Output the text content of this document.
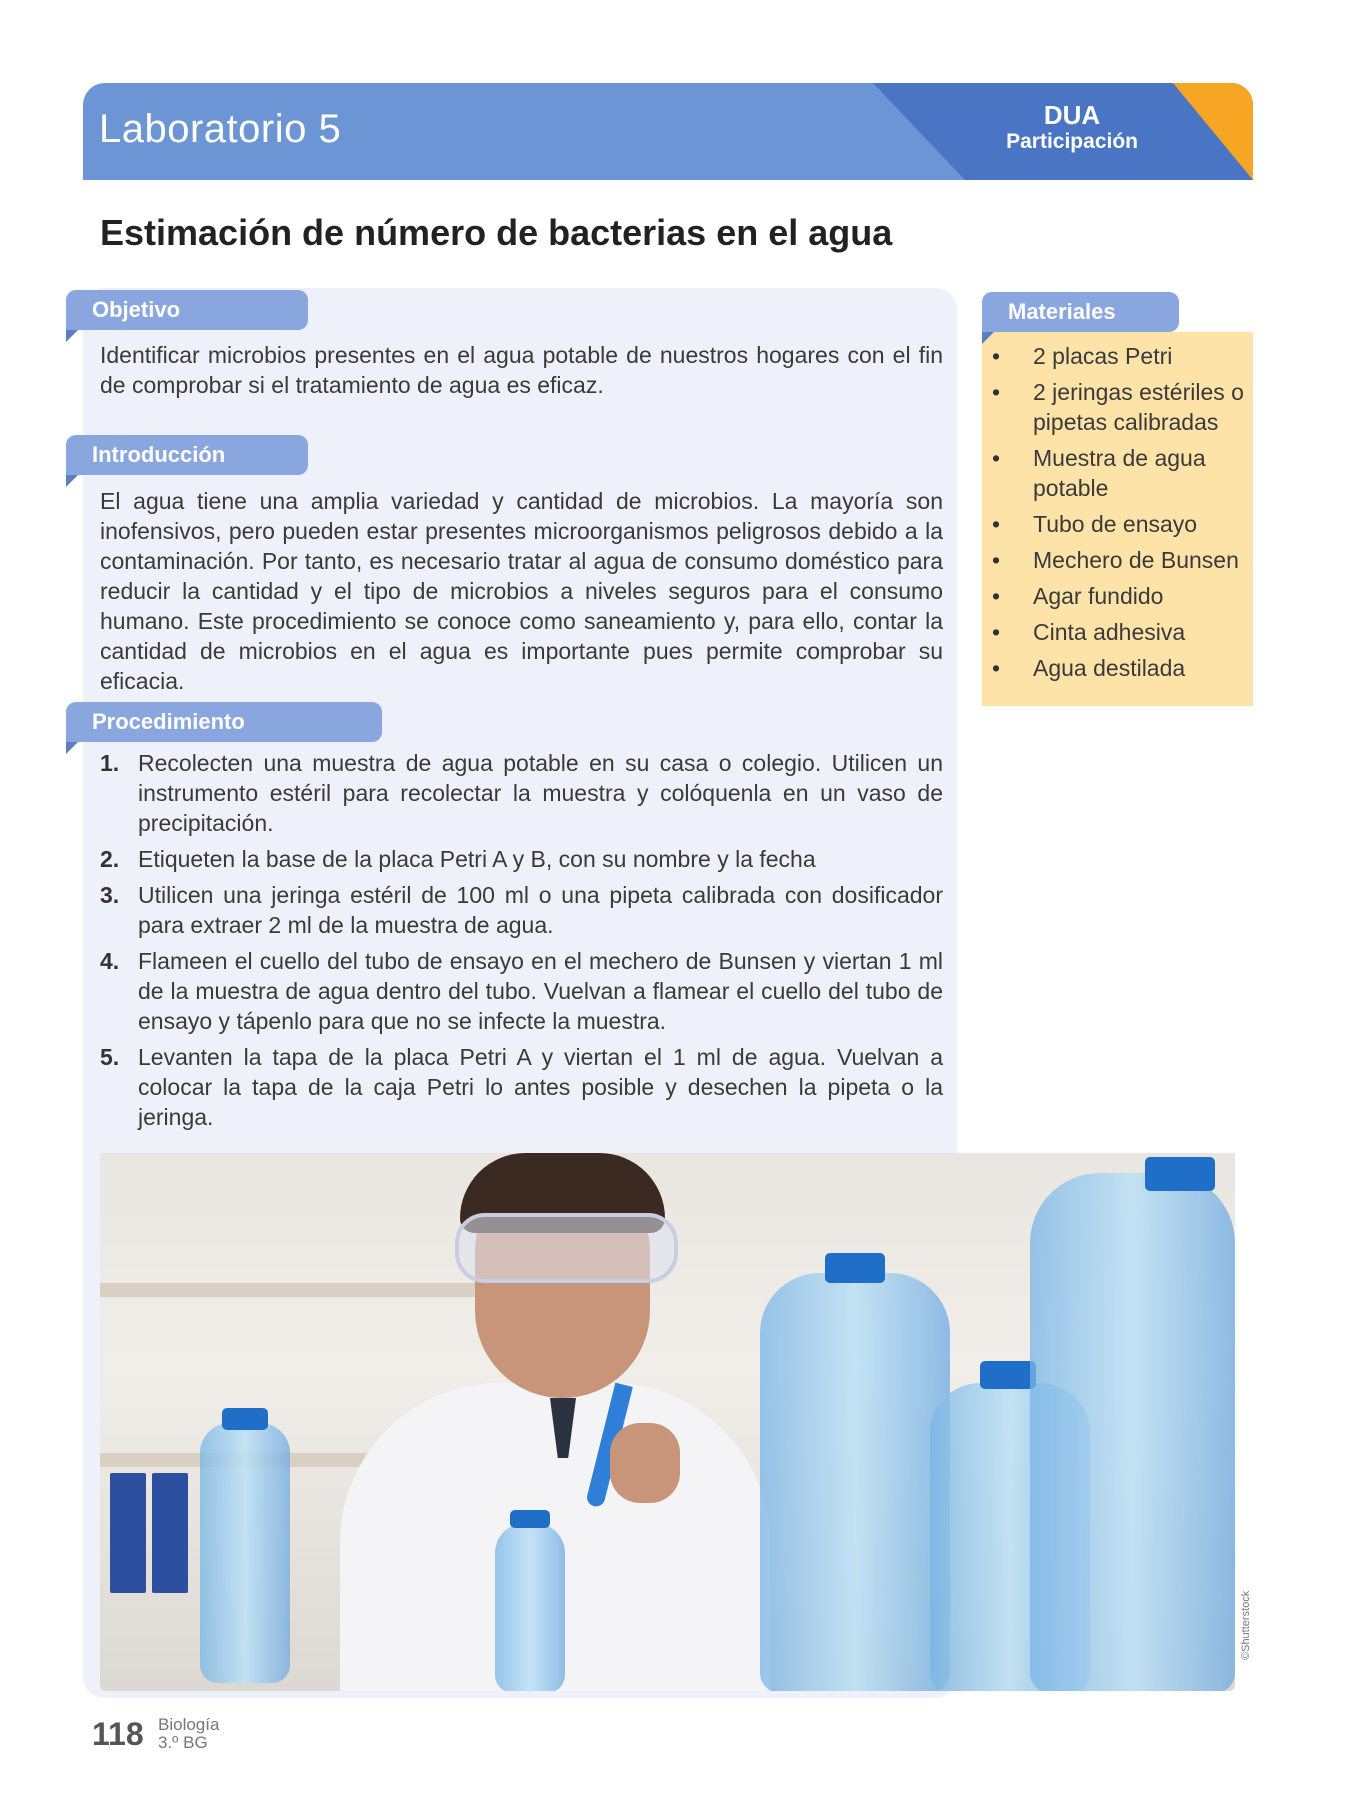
Laboratorio 5	DUA
Participación
Estimación de número de bacterias en el agua
Objetivo

Identificar microbios presentes en el agua potable de nuestros hogares con el fin de comprobar si el tratamiento de agua es eficaz.

Introducción

El agua tiene una amplia variedad y cantidad de microbios. La mayoría son inofensivos, pero pueden estar presentes microorganismos peligrosos debido a la contaminación. Por tanto, es necesario tratar al agua de consumo doméstico para reducir la cantidad y el tipo de microbios a niveles seguros para el consumo humano. Este procedimiento se conoce como saneamiento y, para ello, contar la cantidad de microbios en el agua es importante pues permite comprobar su eficacia.

Procedimiento
1. Recolecten una muestra de agua potable en su casa o colegio. Utilicen un instrumento estéril para recolectar la muestra y colóquenla en un vaso de precipitación.
2. Etiqueten la base de la placa Petri A y B, con su nombre y la fecha
3. Utilicen una jeringa estéril de 100 ml o una pipeta calibrada con dosificador para extraer 2 ml de la muestra de agua.
4. Flameen el cuello del tubo de ensayo en el mechero de Bunsen y viertan 1 ml de la muestra de agua dentro del tubo. Vuelvan a flamear el cuello del tubo de ensayo y tápenlo para que no se infecte la muestra.
5. Levanten la tapa de la placa Petri A y viertan el 1 ml de agua. Vuelvan a colocar la tapa de la caja Petri lo antes posible y desechen la pipeta o la jeringa.
Materiales
• 2 placas Petri
• 2 jeringas estériles o pipetas calibradas
• Muestra de agua potable
• Tubo de ensayo
• Mechero de Bunsen
• Agar fundido
• Cinta adhesiva
• Agua destilada
©Shutterstock
118 Biología
3.º BG
